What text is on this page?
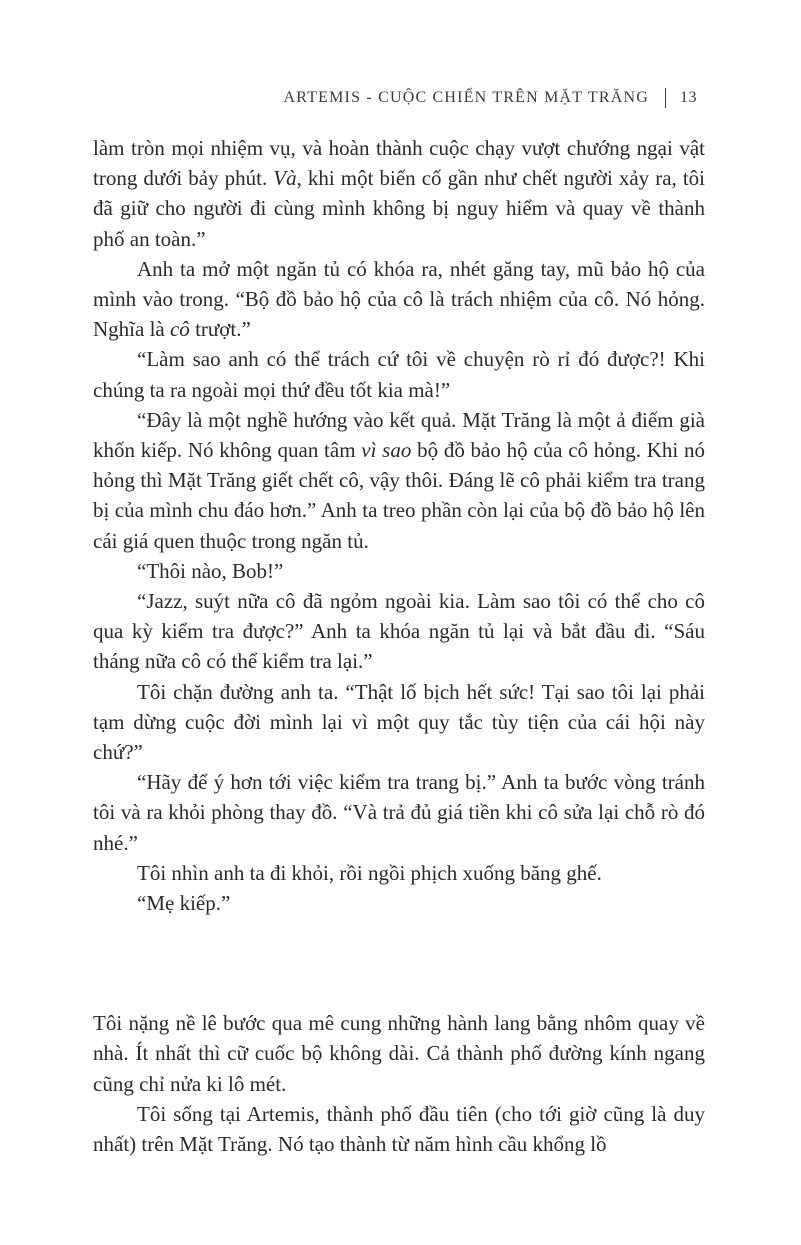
ARTEMIS - CUỘC CHIẾN TRÊN MẶT TRĂNG 13

làm tròn mọi nhiệm vụ, và hoàn thành cuộc chạy vượt chướng ngại vật trong dưới bảy phút. Và, khi một biến cố gần như chết người xảy ra, tôi đã giữ cho người đi cùng mình không bị nguy hiểm và quay về thành phố an toàn.”

Anh ta mở một ngăn tủ có khóa ra, nhét găng tay, mũ bảo hộ của mình vào trong. “Bộ đồ bảo hộ của cô là trách nhiệm của cô. Nó hỏng. Nghĩa là cô trượt.”

“Làm sao anh có thể trách cứ tôi về chuyện rò rỉ đó được?! Khi chúng ta ra ngoài mọi thứ đều tốt kia mà!”

“Đây là một nghề hướng vào kết quả. Mặt Trăng là một ả điếm già khốn kiếp. Nó không quan tâm vì sao bộ đồ bảo hộ của cô hỏng. Khi nó hỏng thì Mặt Trăng giết chết cô, vậy thôi. Đáng lẽ cô phải kiểm tra trang bị của mình chu đáo hơn.” Anh ta treo phần còn lại của bộ đồ bảo hộ lên cái giá quen thuộc trong ngăn tủ.

“Thôi nào, Bob!”

“Jazz, suýt nữa cô đã ngỏm ngoài kia. Làm sao tôi có thể cho cô qua kỳ kiểm tra được?” Anh ta khóa ngăn tủ lại và bắt đầu đi. “Sáu tháng nữa cô có thể kiểm tra lại.”

Tôi chặn đường anh ta. “Thật lố bịch hết sức! Tại sao tôi lại phải tạm dừng cuộc đời mình lại vì một quy tắc tùy tiện của cái hội này chứ?”

“Hãy để ý hơn tới việc kiểm tra trang bị.” Anh ta bước vòng tránh tôi và ra khỏi phòng thay đồ. “Và trả đủ giá tiền khi cô sửa lại chỗ rò đó nhé.”

Tôi nhìn anh ta đi khỏi, rồi ngồi phịch xuống băng ghế.

“Mẹ kiếp.”

Tôi nặng nề lê bước qua mê cung những hành lang bằng nhôm quay về nhà. Ít nhất thì cữ cuốc bộ không dài. Cả thành phố đường kính ngang cũng chỉ nửa ki lô mét.

Tôi sống tại Artemis, thành phố đầu tiên (cho tới giờ cũng là duy nhất) trên Mặt Trăng. Nó tạo thành từ năm hình cầu khổng lồ
